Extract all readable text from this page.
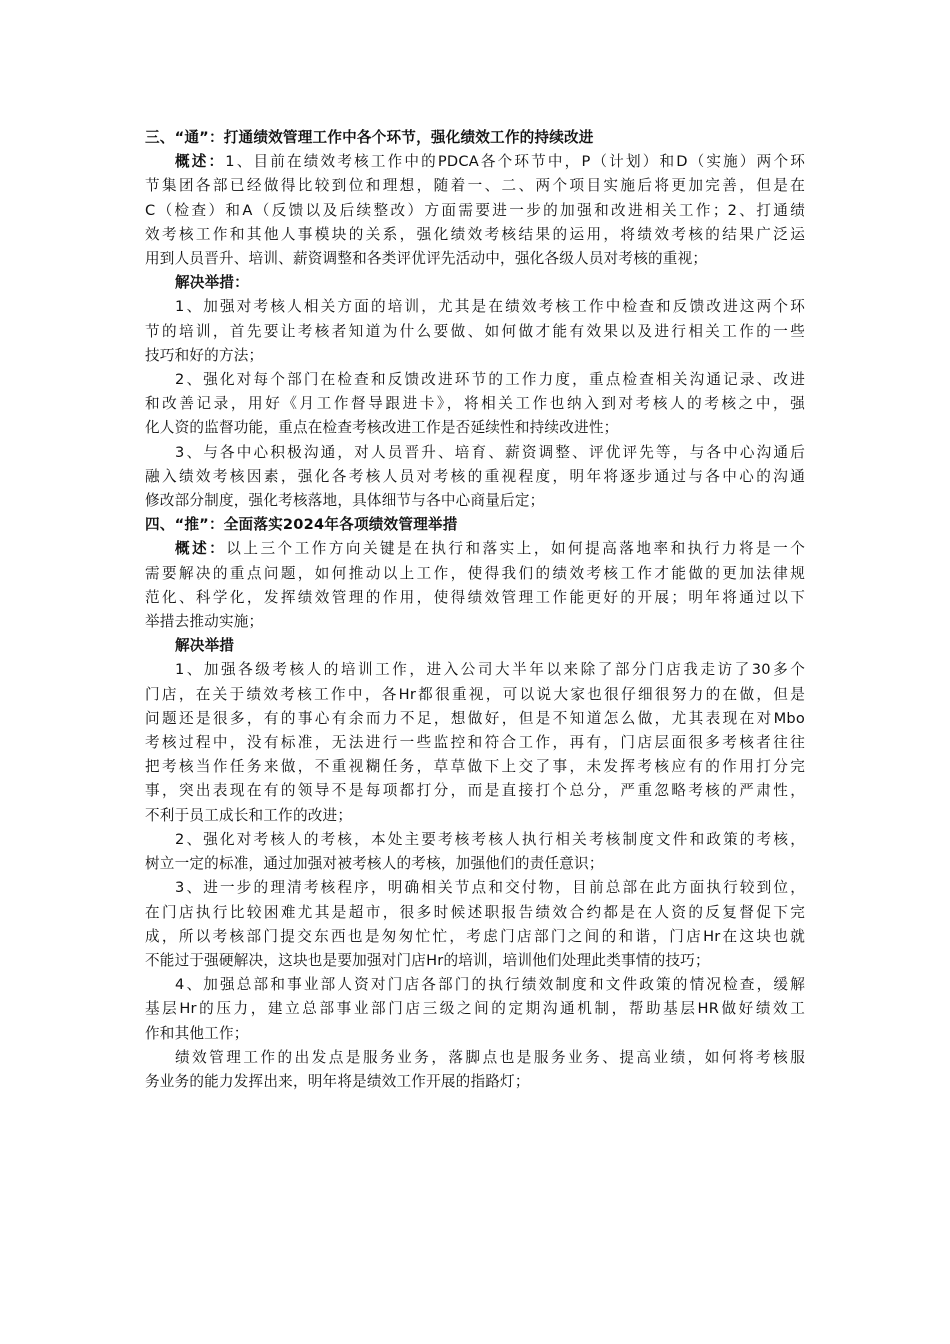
三、“通”：打通绩效管理工作中各个环节，强化绩效工作的持续改进
概述：1、目前在绩效考核工作中的PDCA各个环节中，P（计划）和D（实施）两个环
节集团各部已经做得比较到位和理想，随着一、二、两个项目实施后将更加完善，但是在
C（检查）和A（反馈以及后续整改）方面需要进一步的加强和改进相关工作；2、打通绩
效考核工作和其他人事模块的关系，强化绩效考核结果的运用，将绩效考核的结果广泛运
用到人员晋升、培训、薪资调整和各类评优评先活动中，强化各级人员对考核的重视；
解决举措：
1、加强对考核人相关方面的培训，尤其是在绩效考核工作中检查和反馈改进这两个环
节的培训，首先要让考核者知道为什么要做、如何做才能有效果以及进行相关工作的一些
技巧和好的方法；
2、强化对每个部门在检查和反馈改进环节的工作力度，重点检查相关沟通记录、改进
和改善记录，用好《月工作督导跟进卡》，将相关工作也纳入到对考核人的考核之中，强
化人资的监督功能，重点在检查考核改进工作是否延续性和持续改进性；
3、与各中心积极沟通，对人员晋升、培育、薪资调整、评优评先等，与各中心沟通后
融入绩效考核因素，强化各考核人员对考核的重视程度，明年将逐步通过与各中心的沟通
修改部分制度，强化考核落地，具体细节与各中心商量后定；
四、“推”：全面落实2024年各项绩效管理举措
概述：以上三个工作方向关键是在执行和落实上，如何提高落地率和执行力将是一个
需要解决的重点问题，如何推动以上工作，使得我们的绩效考核工作才能做的更加法律规
范化、科学化，发挥绩效管理的作用，使得绩效管理工作能更好的开展；明年将通过以下
举措去推动实施；
解决举措
1、加强各级考核人的培训工作，进入公司大半年以来除了部分门店我走访了30多个
门店，在关于绩效考核工作中，各Hr都很重视，可以说大家也很仔细很努力的在做，但是
问题还是很多，有的事心有余而力不足，想做好，但是不知道怎么做，尤其表现在对Mbo
考核过程中，没有标准，无法进行一些监控和符合工作，再有，门店层面很多考核者往往
把考核当作任务来做，不重视糊任务，草草做下上交了事，未发挥考核应有的作用打分完
事，突出表现在有的领导不是每项都打分，而是直接打个总分，严重忽略考核的严肃性，
不利于员工成长和工作的改进；
2、强化对考核人的考核，本处主要考核考核人执行相关考核制度文件和政策的考核，
树立一定的标准，通过加强对被考核人的考核，加强他们的责任意识；
3、进一步的理清考核程序，明确相关节点和交付物，目前总部在此方面执行较到位，
在门店执行比较困难尤其是超市，很多时候述职报告绩效合约都是在人资的反复督促下完
成，所以考核部门提交东西也是匆匆忙忙，考虑门店部门之间的和谐，门店Hr在这块也就
不能过于强硬解决，这块也是要加强对门店Hr的培训，培训他们处理此类事情的技巧；
4、加强总部和事业部人资对门店各部门的执行绩效制度和文件政策的情况检查，缓解
基层Hr的压力，建立总部事业部门店三级之间的定期沟通机制，帮助基层HR做好绩效工
作和其他工作；
绩效管理工作的出发点是服务业务，落脚点也是服务业务、提高业绩，如何将考核服
务业务的能力发挥出来，明年将是绩效工作开展的指路灯；
